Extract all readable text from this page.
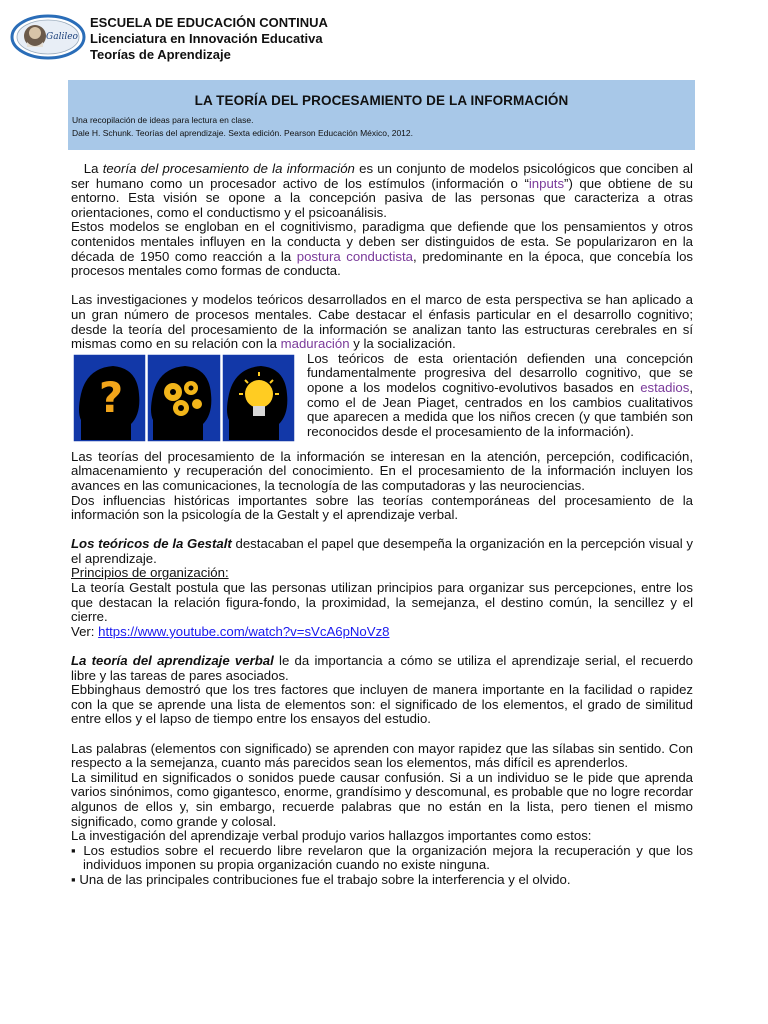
Galileo
ESCUELA DE EDUCACIÓN CONTINUA
Licenciatura en Innovación Educativa
Teorías de Aprendizaje
LA TEORÍA DEL PROCESAMIENTO DE LA INFORMACIÓN
Una recopilación de ideas para lectura en clase.
Dale H. Schunk. Teorías del aprendizaje. Sexta edición. Pearson Educación México, 2012.

La teoría del procesamiento de la información es un conjunto de modelos psicológicos que conciben al ser humano como un procesador activo de los estímulos (información o “inputs”) que obtiene de su entorno. Esta visión se opone a la concepción pasiva de las personas que caracteriza a otras orientaciones, como el conductismo y el psicoanálisis.

Estos modelos se engloban en el cognitivismo, paradigma que defiende que los pensamientos y otros contenidos mentales influyen en la conducta y deben ser distinguidos de esta. Se popularizaron en la década de 1950 como reacción a la postura conductista, predominante en la época, que concebía los procesos mentales como formas de conducta.

Las investigaciones y modelos teóricos desarrollados en el marco de esta perspectiva se han aplicado a un gran número de procesos mentales. Cabe destacar el énfasis particular en el desarrollo cognitivo; desde la teoría del procesamiento de la información se analizan tanto las estructuras cerebrales en sí mismas como en su relación con la maduración y la socialización.

?

Los teóricos de esta orientación defienden una concepción fundamentalmente progresiva del desarrollo cognitivo, que se opone a los modelos cognitivo-evolutivos basados en estadios, como el de Jean Piaget, centrados en los cambios cualitativos que aparecen a medida que los niños crecen (y que también son reconocidos desde el procesamiento de la información).

Las teorías del procesamiento de la información se interesan en la atención, percepción, codificación, almacenamiento y recuperación del conocimiento. En el procesamiento de la información incluyen los avances en las comunicaciones, la tecnología de las computadoras y las neurociencias.

Dos influencias históricas importantes sobre las teorías contemporáneas del procesamiento de la información son la psicología de la Gestalt y el aprendizaje verbal.

Los teóricos de la Gestalt destacaban el papel que desempeña la organización en la percepción visual y el aprendizaje.

Principios de organización:

La teoría Gestalt postula que las personas utilizan principios para organizar sus percepciones, entre los que destacan la relación figura-fondo, la proximidad, la semejanza, el destino común, la sencillez y el cierre.

Ver: https://www.youtube.com/watch?v=sVcA6pNoVz8

La teoría del aprendizaje verbal le da importancia a cómo se utiliza el aprendizaje serial, el recuerdo libre y las tareas de pares asociados.

Ebbinghaus demostró que los tres factores que incluyen de manera importante en la facilidad o rapidez con la que se aprende una lista de elementos son: el significado de los elementos, el grado de similitud entre ellos y el lapso de tiempo entre los ensayos del estudio.

Las palabras (elementos con significado) se aprenden con mayor rapidez que las sílabas sin sentido. Con respecto a la semejanza, cuanto más parecidos sean los elementos, más difícil es aprenderlos.

La similitud en significados o sonidos puede causar confusión. Si a un individuo se le pide que aprenda varios sinónimos, como gigantesco, enorme, grandísimo y descomunal, es probable que no logre recordar algunos de ellos y, sin embargo, recuerde palabras que no están en la lista, pero tienen el mismo significado, como grande y colosal.

La investigación del aprendizaje verbal produjo varios hallazgos importantes como estos:

▪ Los estudios sobre el recuerdo libre revelaron que la organización mejora la recuperación y que los individuos imponen su propia organización cuando no existe ninguna.

▪ Una de las principales contribuciones fue el trabajo sobre la interferencia y el olvido.
